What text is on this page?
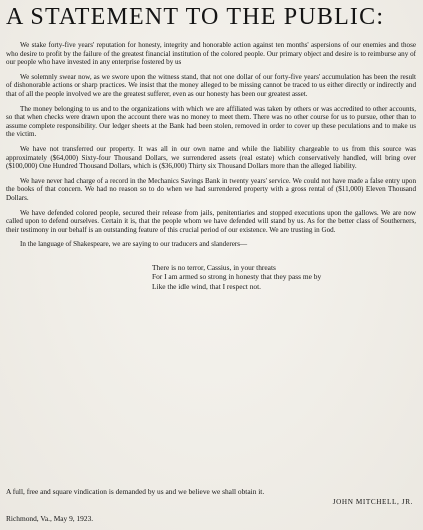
A STATEMENT TO THE PUBLIC:

We stake forty-five years' reputation for honesty, integrity and honorable action against ten months' aspersions of our enemies and those who desire to profit by the failure of the greatest financial institution of the colored people. Our primary object and desire is to reimburse any of our people who have invested in any enterprise fostered by us

We solemnly swear now, as we swore upon the witness stand, that not one dollar of our forty-five years' accumulation has been the result of dishonorable actions or sharp practices. We insist that the money alleged to be missing cannot be traced to us either directly or indirectly and that of all the people involved we are the greatest sufferer, even as our honesty has been our greatest asset.

The money belonging to us and to the organizations with which we are affiliated was taken by others or was accredited to other accounts, so that when checks were drawn upon the account there was no money to meet them. There was no other course for us to pursue, other than to assume complete responsibility. Our ledger sheets at the Bank had been stolen, removed in order to cover up these peculations and to make us the victim.

We have not transferred our property. It was all in our own name and while the liability chargeable to us from this source was approximately ($64,000) Sixty-four Thousand Dollars, we surrendered assets (real estate) which conservatively handled, will bring over ($100,000) One Hundred Thousand Dollars, which is ($36,000) Thirty six Thousand Dollars more than the alleged liability.

We have never had charge of a record in the Mechanics Savings Bank in twenty years' service. We could not have made a false entry upon the books of that concern. We had no reason so to do when we had surrendered property with a gross rental of ($11,000) Eleven Thousand Dollars.

We have defended colored people, secured their release from jails, penitentiaries and stopped executions upon the gallows. We are now called upon to defend ourselves. Certain it is, that the people whom we have defended will stand by us. As for the better class of Southerners, their testimony in our behalf is an outstanding feature of this crucial period of our existence. We are trusting in God.

In the language of Shakespeare, we are saying to our traducers and slanderers—

There is no terror, Cassius, in your threats
For I am armed so strong in honesty that they pass me by
Like the idle wind, that I respect not.
A full, free and square vindication is demanded by us and we believe we shall obtain it.
JOHN MITCHELL, JR.
Richmond, Va., May 9, 1923.
